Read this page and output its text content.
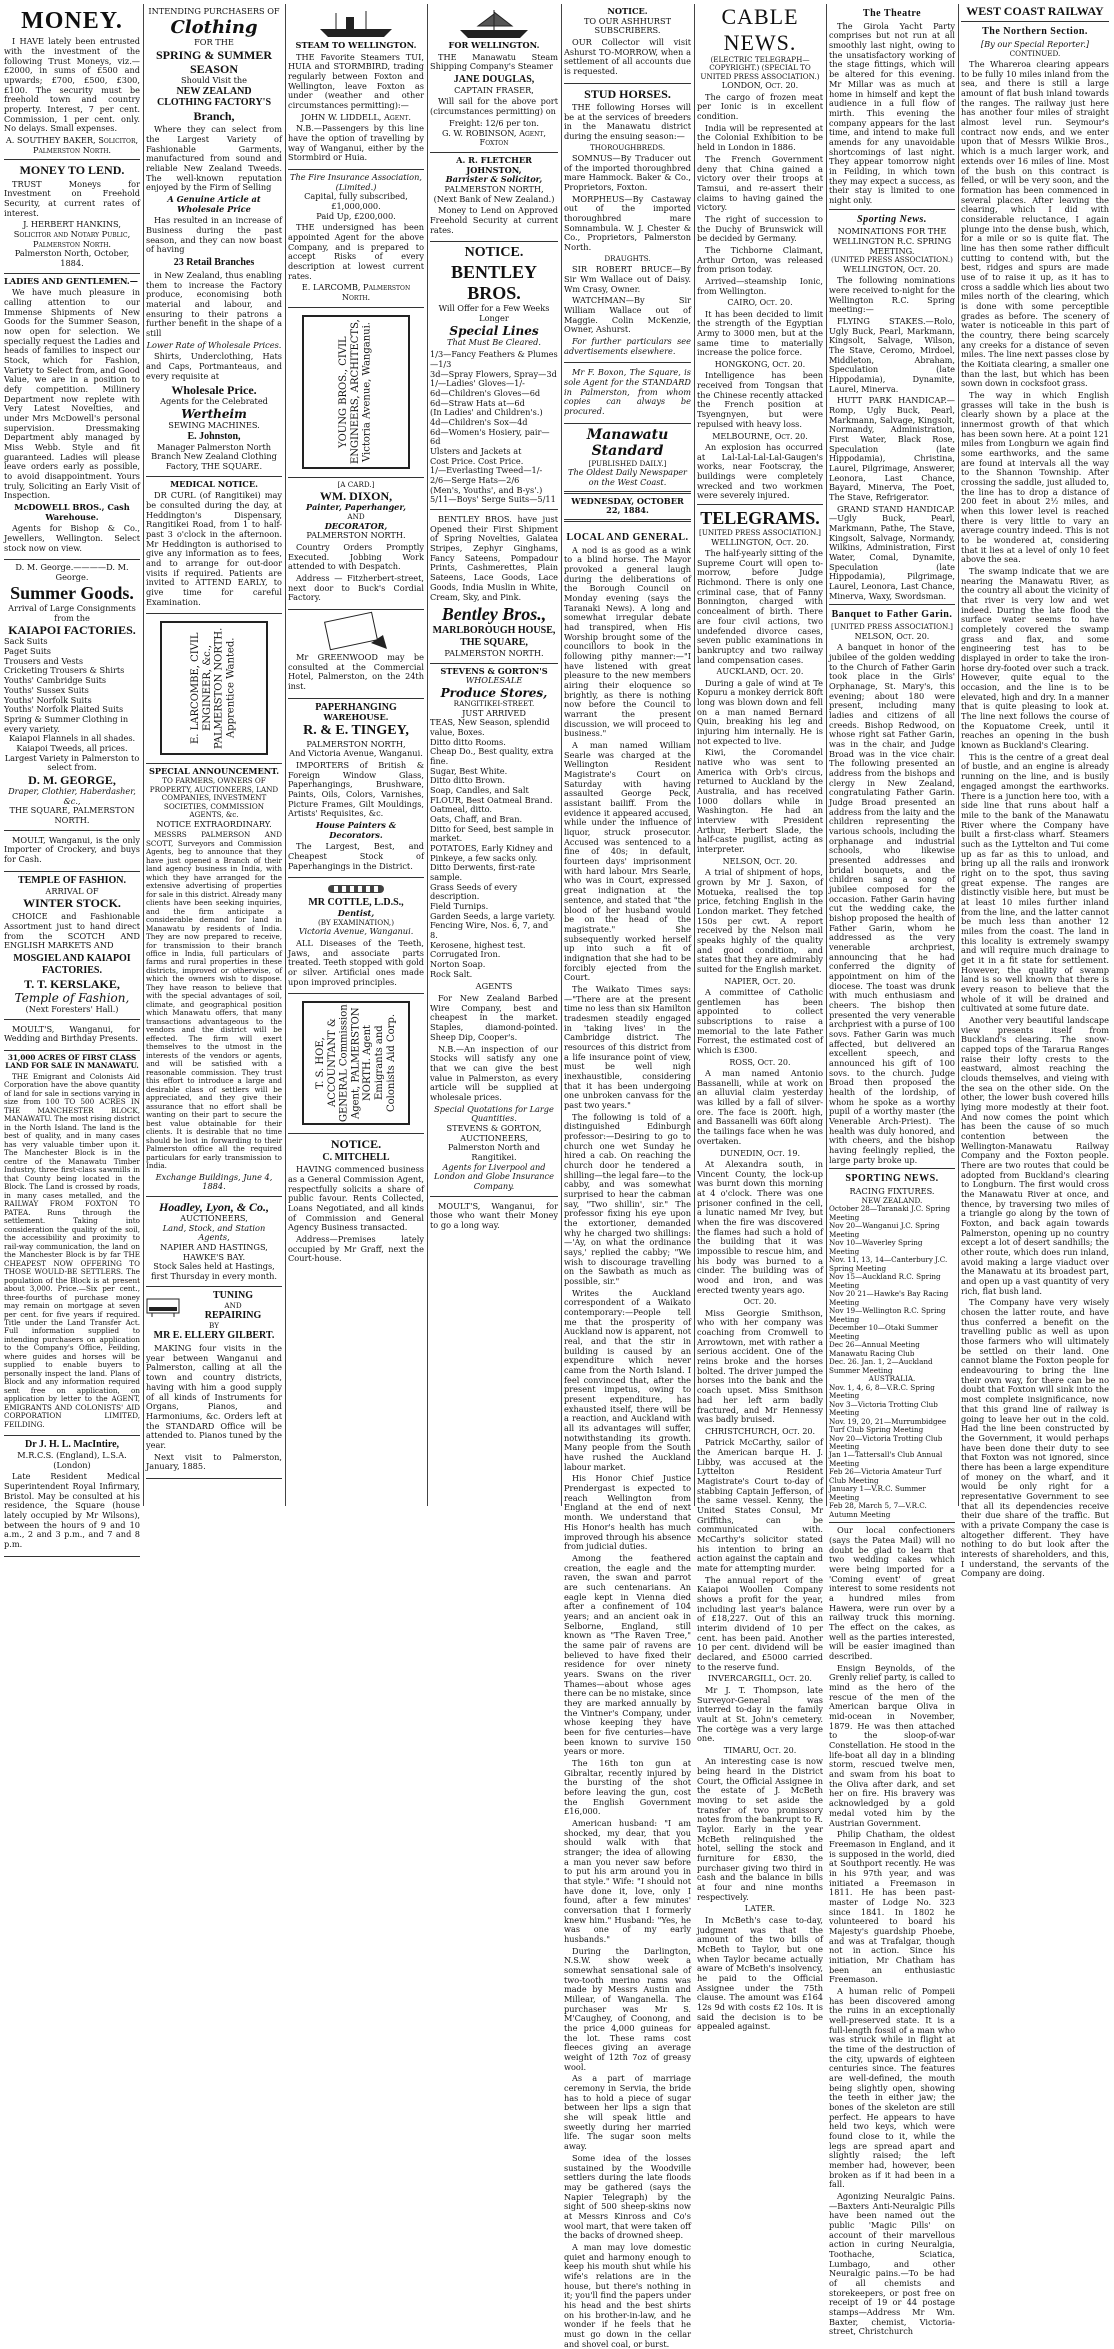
MONEY.
I HAVE lately been entrusted with the investment of the following Trust Moneys, viz.— £2000, in sums of £500 and upwards; £700, £500, £300, £100. The security must be freehold town and country property. Interest, 7 per cent. Commission, 1 per cent. only. No delays. Small expenses.
A. SOUTHEY BAKER, Solicitor, Palmerston North.
MONEY TO LEND.
TRUST Moneys for Investment on Freehold Security, at current rates of interest.
J. HERBERT HANKINS, Solicitor and Notary Public, Palmerston North.
Palmerston North, October, 1884.
LADIES AND GENTLEMEN.—
We have much pleasure in calling attention to our Immense Shipments of New Goods for the Summer Season, now open for selection. We specially request the Ladies and heads of families to inspect our Stock, which for Fashion, Variety to Select from, and Good Value, we are in a position to defy competition. Millinery Department now replete with Very Latest Novelties, and under Mrs McDowell's personal supervision. Dressmaking Department ably managed by Miss Webb. Style and fit guaranteed. Ladies will please leave orders early as possible, to avoid disappointment. Yours truly, Soliciting an Early Visit of Inspection.
McDOWELL BROS., Cash Warehouse.
Agents for Bishop & Co., Jewellers, Wellington. Select stock now on view.
D. M. George.————D. M. George.
Summer Goods.
Arrival of Large Consignments from the
KAIAPOI FACTORIES.
Sack Suits
Paget Suits
Trousers and Vests
Cricketing Trousers & Shirts
Youths' Cambridge Suits
Youths' Sussex Suits
Youths' Norfolk Suits
Youths' Norfolk Plaited Suits
Spring & Summer Clothing in every variety.
Kaiapoi Flannels in all shades. Kaiapoi Tweeds, all prices.
Largest Variety in Palmerston to select from.
D. M. GEORGE,
Draper, Clothier, Haberdasher, &c.,
THE SQUARE, PALMERSTON NORTH.
MOULT, Wanganui, is the only Importer of Crockery, and buys for Cash.
TEMPLE OF FASHION.
ARRIVAL OF
WINTER STOCK.
CHOICE and Fashionable Assortment just to hand direct from the SCOTCH AND ENGLISH MARKETS AND
MOSGIEL AND KAIAPOI FACTORIES.
T. T. KERSLAKE,
Temple of Fashion,
(Next Foresters' Hall.)
MOULT'S, Wanganui, for Wedding and Birthday Presents.
31,000 ACRES OF FIRST CLASS LAND FOR SALE IN MANAWATU.
THE Emigrant and Colonists Aid Corporation have the above quantity of land for sale in sections varying in size from 100 TO 500 ACRES IN THE MANCHESTER BLOCK, MANAWATU. The most rising district in the North Island. The land is the best of quality, and in many cases has very valuable timber upon it. The Manchester Block is in the centre of the Manawatu Timber Industry, three first-class sawmills in that County being located in the Block. The Land is crossed by roads, in many cases metalled, and the RAILWAY FROM FOXTON TO PATEA. Runs through the settlement. Taking into consideration the quality of the soil, the accessibility and proximity to rail-way communication, the land on the Manchester Block is by far THE CHEAPEST NOW OFFERING TO THOSE WOULD-BE SETTLERS. The population of the Block is at present about 3,000. Price.—Six per cent., three-fourths of purchase money may remain on mortgage at seven per cent. for five years if required. Title under the Land Transfer Act. Full information supplied to intending purchasers on application to the Company's Office, Feilding, where guides and horses will be supplied to enable buyers to personally inspect the land. Plans of Block and any information required sent free on application, on application by letter to the AGENT, EMIGRANTS AND COLONISTS' AID CORPORATION LIMITED, FEILDING.
Dr J. H. L. MacIntire,
M.R.C.S. (England), L.S.A. (London)
Late Resident Medical Superintendent Royal Infirmary, Bristol. May be consulted at his residence, the Square (house lately occupied by Mr Wilsons), between the hours of 9 and 10 a.m., 2 and 3 p.m., and 7 and 8 p.m.
INTENDING PURCHASERS OF
Clothing
FOR THE
SPRING & SUMMER
SEASON
Should Visit the
NEW ZEALAND
CLOTHING FACTORY'S
Branch,
Where they can select from the Largest Variety of Fashionable Garments, manufactured from sound and reliable New Zealand Tweeds. The well-known reputation enjoyed by the Firm of Selling
A Genuine Article at Wholesale Price
Has resulted in an increase of Business during the past season, and they can now boast of having
23 Retail Branches
in New Zealand, thus enabling them to increase the Factory produce, economising both material and labour, and ensuring to their patrons a further benefit in the shape of a still
Lower Rate of Wholesale Prices.
Shirts, Underclothing, Hats and Caps, Portmanteaus, and every requisite at
Wholesale Price.
Agents for the Celebrated
Wertheim
SEWING MACHINES.
E. Johnston,
Manager Palmerston North Branch New Zealand Clothing Factory, THE SQUARE.
MEDICAL NOTICE.
DR CURL (of Rangitikei) may be consulted during the day, at Heddington's Dispensary, Rangitikei Road, from 1 to half-past 3 o'clock in the afternoon. Mr Heddington is authorised to give any information as to fees, and to arrange for out-door visits if required. Patients are invited to ATTEND EARLY, to give time for careful Examination.
E. LARCOMBE, CIVIL ENGINEER, &c., PALMERSTON NORTH. Apprentice Wanted.
SPECIAL ANNOUNCEMENT.
TO FARMERS, OWNERS OF PROPERTY, AUCTIONEERS, LAND COMPANIES, INVESTMENT SOCIETIES, COMMISSION AGENTS, &c.
NOTICE EXTRAORDINARY.
MESSRS PALMERSON AND SCOTT, Surveyors and Commission Agents, beg to announce that they have just opened a Branch of their land agency business in India, with which they have arranged for the extensive advertising of properties for sale in this district. Already many clients have been seeking inquiries, and the firm anticipate a considerable demand for land in Manawatu by residents of India. They are now prepared to receive, for transmission to their branch office in India, full particulars of farms and rural properties in these districts, improved or otherwise, of which the owners wish to dispose. They have reason to believe that with the special advantages of soil, climate, and geographical position which Manawatu offers, that many transactions advantageous to the vendors and the district will be effected. The firm will exert themselves to the utmost in the interests of the vendors or agents, and will be satisfied with a reasonable commission. They trust this effort to introduce a large and desirable class of settlers will be appreciated, and they give their assurance that no effort shall be wanting on their part to secure the best value obtainable for their clients. It is desirable that no time should be lost in forwarding to their Palmerston office all the required particulars for early transmission to India.
Exchange Buildings, June 4, 1884.
Hoadley, Lyon, & Co.,
AUCTIONEERS,
Land, Stock, and Station Agents,
NAPIER AND HASTINGS, HAWKE'S BAY.
Stock Sales held at Hastings, first Thursday in every month.
TUNING
AND
REPAIRING
BY
MR E. ELLERY GILBERT.
MAKING four visits in the year between Wanganui and Palmerston, calling at all the town and country districts, having with him a good supply of all kinds of Instruments for Organs, Pianos, and Harmoniums, &c. Orders left at the STANDARD Office will be attended to. Pianos tuned by the year.
Next visit to Palmerston, January, 1885.
STEAM TO WELLINGTON.
THE Favorite Steamers TUI, HUIA and STORMBIRD, trading regularly between Foxton and Wellington, leave Foxton as under (weather and other circumstances permitting):—
JOHN W. LIDDELL, Agent.
N.B.—Passengers by this line have the option of travelling by way of Wanganui, either by the Stormbird or Huia.
The Fire Insurance Association, (Limited.)
Capital, fully subscribed, £1,000,000.
Paid Up, £200,000.
THE undersigned has been appointed Agent for the above Company, and is prepared to accept Risks of every description at lowest current rates.
E. LARCOMB, Palmerston North.
YOUNG BROS., CIVIL ENGINEERS, ARCHITECTS, Victoria Avenue, Wanganui.
[A CARD.]
WM. DIXON,
Painter, Paperhanger,
AND
DECORATOR,
PALMERSTON NORTH.
Country Orders Promptly Executed. Jobbing Work attended to with Despatch.
Address — Fitzherbert-street, next door to Buck's Cordial Factory.
Mr GREENWOOD may be consulted at the Commercial Hotel, Palmerston, on the 24th inst.
PAPERHANGING
WAREHOUSE.
R. & E. TINGEY,
PALMERSTON NORTH,
And Victoria Avenue, Wanganui.
IMPORTERS of British & Foreign Window Glass, Paperhangings, Brushware, Paints, Oils, Colors, Varnishes, Picture Frames, Gilt Mouldings, Artists' Requisites, &c.
House Painters & Decorators.
The Largest, Best, and Cheapest Stock of Paperhangings in the District.
MR COTTLE, L.D.S.,
Dentist,
(BY EXAMINATION,)
Victoria Avenue, Wanganui.
ALL Diseases of the Teeth, Jaws, and associate parts treated. Teeth stopped with gold or silver. Artificial ones made upon improved principles.
T. S. HOE, ACCOUNTANT & GENERAL Commission Agent, PALMERSTON NORTH. Agent Emigrants and Colonists Aid Corp.
NOTICE.
C. MITCHELL
HAVING commenced business as a General Commission Agent, respectfully solicits a share of public favour. Rents Collected, Loans Negotiated, and all kinds of Commission and General Agency Business transacted.
Address—Premises lately occupied by Mr Graff, next the Court-house.
FOR WELLINGTON.
THE Manawatu Steam Shipping Company's Steamer
JANE DOUGLAS,
CAPTAIN FRASER,
Will sail for the above port (circumstances permitting) on
Freight: 12/6 per ton.
G. W. ROBINSON, Agent, Foxton
A. R. FLETCHER JOHNSTON,
Barrister & Solicitor,
PALMERSTON NORTH,
(Next Bank of New Zealand.)
Money to Lend on Approved Freehold Security at current rates.
NOTICE.
BENTLEY BROS.
Will Offer for a Few Weeks Longer
Special Lines
That Must Be Cleared.
1/3—Fancy Feathers & Plumes—1/3
3d—Spray Flowers, Spray—3d
1/—Ladies' Gloves—1/-
6d—Children's Gloves—6d
6d—Straw Hats at—6d
(In Ladies' and Children's.)
4d—Children's Sox—4d
6d—Women's Hosiery, pair—6d
Ulsters and Jackets at
Cost Price. Cost Price.
1/—Everlasting Tweed—1/-
2/6—Serge Hats—2/6
(Men's, Youths', and B-ys'.)
5/11—Boys' Serge Suits—5/11
BENTLEY BROS. have just Opened their First Shipment of Spring Novelties, Galatea Stripes, Zephyr Ginghams, Fancy Sateens, Pompadour Prints, Cashmerettes, Plain Sateens, Lace Goods, Lace Goods, India Muslin in White, Cream, Sky, and Pink.
Bentley Bros.,
MARLBOROUGH HOUSE,
THE SQUARE,
PALMERSTON NORTH.
STEVENS & GORTON'S
WHOLESALE
Produce Stores,
RANGITIKEI-STREET.
JUST ARRIVED
TEAS, New Season, splendid value, Boxes.
Ditto ditto Rooms.
Cheap Do., Best quality, extra fine.
Sugar, Best White.
Ditto ditto Brown.
Soap, Candles, and Salt
FLOUR, Best Oatmeal Brand.
Oatmeal, ditto.
Oats, Chaff, and Bran.
Ditto for Seed, best sample in market.
POTATOES, Early Kidney and Pinkeye, a few sacks only.
Ditto Derwents, first-rate sample.
Grass Seeds of every description.
Field Turnips.
Garden Seeds, a large variety.
Fencing Wire, Nos. 6, 7, and 8.
Kerosene, highest test.
Corrugated Iron.
Norton Soap.
Rock Salt.
AGENTS
For New Zealand Barbed Wire Company, best and cheapest in the market. Staples, diamond-pointed. Sheep Dip, Cooper's.
N.B.—An inspection of our Stocks will satisfy any one that we can give the best value in Palmerston, as every article will be supplied at wholesale prices.
Special Quotations for Large Quantities.
STEVENS & GORTON, AUCTIONEERS,
Palmerston North and Rangitikei.
Agents for Liverpool and London and Globe Insurance Company.
MOULT'S, Wanganui, for those who want their Money to go a long way.
NOTICE.
TO OUR ASHHURST SUBSCRIBERS.
OUR Collector will visit Ashurst TO-MORROW, when a settlement of all accounts due is requested.
STUD HORSES.
THE following Horses will be at the services of breeders in the Manawatu district during the ensuing season:—
THOROUGHBREDS.
SOMNUS—By Traducer out of the imported thoroughbred mare Hammock. Baker & Co., Proprietors, Foxton.
MORPHEUS—By Castaway out of the imported thoroughbred mare Somnambula. W. J. Chester & Co., Proprietors, Palmerston North.
DRAUGHTS.
SIR ROBERT BRUCE—By Sir Wm Wallace out of Daisy. Wm Crasy, Owner.
WATCHMAN—By Sir William Wallace out of Maggie. Colin McKenzie, Owner, Ashurst.
For further particulars see advertisements elsewhere.
Mr F. Boxon, The Square, is sole Agent for the STANDARD in Palmerston, from whom copies can always be procured.
Manawatu Standard
[PUBLISHED DAILY.]
The Oldest Daily Newspaper on the West Coast.
WEDNESDAY, OCTOBER 22, 1884.
LOCAL AND GENERAL.
A nod is as good as a wink to a blind horse. The Mayor provoked a general laugh during the deliberations of the Borough Council on Monday evening (says the Taranaki News). A long and somewhat irregular debate had transpired, when His Worship brought some of the councillors to book in the following pithy manner:—"I have listened with great pleasure to the new members airing their eloquence so brightly, as there is nothing now before the Council to warrant the present discussion, we will proceed to business."
A man named William Searle was charged at the Wellington Resident Magistrate's Court on Saturday with having assaulted George Peck, assistant bailiff. From the evidence it appeared accused, while under the influence of liquor, struck prosecutor. Accused was sentenced to a fine of 40s; in default, fourteen days' imprisonment with hard labour. Mrs Searle, who was in Court, expressed great indignation at the sentence, and stated that "the blood of her husband would be on the head of the magistrate." She subsequently worked herself up into such a fit of indignation that she had to be forcibly ejected from the Court.
The Waikato Times says:—"There are at the present time no less than six Hamilton tradesmen steadily engaged in 'taking lives' in the Cambridge district. The resources of this district from a life insurance point of view, must be well nigh inexhaustible, considering that it has been undergoing one unbroken canvass for the past two years."
The following is told of a distinguished Edinburgh professor:—Desiring to go to church one wet Sunday he hired a cab. On reaching the church door he tendered a shilling—the legal fare—to the cabby, and was somewhat surprised to hear the cabman say, "Two shillin', sir." The professor fixing his eye upon the extortioner, demanded why he charged two shillings:—'Ay, on what the ordinance says,' replied the cabby; "We wish to discourage travelling on the Sawbath as much as possible, sir."
Writes the Auckland correspondent of a Waikato contemporary:—People tell me that the prosperity of Auckland now is apparent, not real, and that the stir in building is caused by an expenditure which never came from the North Island. I feel convinced that, after the present impetus, owing to present expenditure, has exhausted itself, there will be a reaction, and Auckland with all its advantages will suffer, notwithstanding its growth. Many people from the South have rushed the Auckland labour market.
His Honor Chief Justice Prendergast is expected to reach Wellington from England at the end of next month. We understand that His Honor's health has much improved through his absence from judicial duties.
Among the feathered creation, the eagle and the raven, the swan and parrot are such centenarians. An eagle kept in Vienna died after a confinement of 104 years; and an ancient oak in Selborne, England, still known as "The Raven Tree," the same pair of ravens are believed to have fixed their residence for over ninety years. Swans on the river Thames—about whose ages there can be no mistake, since they are marked annually by the Vintner's Company, under whose keeping they have been for five centuries—have been known to survive 150 years or more.
The 16th ton gun at Gibraltar, recently injured by the bursting of the shot before leaving the gun, cost the English Government £16,000.
American husband: "I am shocked, my dear, that you should walk with that stranger; the idea of allowing a man you never saw before to put his arm around you in that style." Wife: "I should not have done it, love, only I found, after a few minutes' conversation that I formerly knew him." Husband: "Yes, he was one of my early husbands."
During the Darlington, N.S.W. show week a somewhat sensational sale of two-tooth merino rams was made by Messrs Austin and Millear, of Wanganella. The purchaser was Mr S. M'Caughey, of Coonong, and the price 4,000 guineas for the lot. These rams cost fleeces giving an average weight of 12th 7oz of greasy wool.
As a part of marriage ceremony in Servia, the bride has to hold a piece of sugar between her lips a sign that she will speak little and sweetly during her married life. The sugar soon melts away.
Some idea of the losses sustained by the Woodville settlers during the late floods may be gathered (says the Napier Telegraph) by the sight of 500 sheep-skins now at Messrs Kinross and Co's wool mart, that were taken off the backs of drowned sheep.
A man may love domestic quiet and harmony enough to keep his mouth shut while his wife's relations are in the house, but there's nothing in it; you'll find the papers under his head and the best shirts on his brother-in-law, and he wonder if he feels that he must go down in the cellar and shovel coal, or burst.
CABLE NEWS.
(ELECTRIC TELEGRAPH—COPYRIGHT.) (SPECIAL TO UNITED PRESS ASSOCIATION.)
LONDON, Oct. 20.
The cargo of frozen meat per Ionic is in excellent condition.
India will be represented at the Colonial Exhibition to be held in London in 1886.
The French Government deny that China gained a victory over their troops at Tamsui, and re-assert their claims to having gained the victory.
The right of succession to the Duchy of Brunswick will be decided by Germany.
The Tichborne Claimant, Arthur Orton, was released from prison today.
Arrived—steamship Ionic, from Wellington.
CAIRO, Oct. 20.
It has been decided to limit the strength of the Egyptian Army to 3000 men, but at the same time to materially increase the police force.
HONGKONG, Oct. 20.
Intelligence has been received from Tongsan that the Chinese recently attacked the French position at Tsyengnyen, but were repulsed with heavy loss.
MELBOURNE, Oct. 20.
An explosion has occurred at Lal-Lal-Lal-Lal-Gaugen's works, near Footscray, the buildings were completely wrecked and two workmen were severely injured.
TELEGRAMS.
[UNITED PRESS ASSOCIATION.]
WELLINGTON, Oct. 20.
The half-yearly sitting of the Supreme Court will open to-morrow, before Judge Richmond. There is only one criminal case, that of Fanny Bonnington, charged with concealment of birth. There are four civil actions, two undefended divorce cases, seven public examinations in bankruptcy and two railway land compensation cases.
AUCKLAND, Oct. 20.
During a gale of wind at Te Kopuru a monkey derrick 80ft long was blown down and fell on a man named Bernard Quin, breaking his leg and injuring him internally. He is not expected to live.
Kiwi, the Coromandel native who was sent to America with Orb's circus, returned to Auckland by the Australia, and has received 1000 dollars while in Washington. He had an interview with President Arthur, Herbert Slade, the half-caste pugilist, acting as interpreter.
NELSON, Oct. 20.
A trial of shipment of hops, grown by Mr J. Saxon, of Motueka, realised the top price, fetching English in the London market. They fetched 150s per cwt. A report received by the Nelson mail speaks highly of the quality and good condition, and states that they are admirably suited for the English market.
NAPIER, Oct. 20.
A committee of Catholic gentlemen has been appointed to collect subscriptions to raise a memorial to the late Father Forrest, the estimated cost of which is £300.
ROSS, Oct. 20.
A man named Antonio Bassanelli, while at work on an alluvial claim yesterday was killed by a fall of silver-ore. The face is 200ft. high, and Bassanelli was 60ft along the tailings face when he was overtaken.
DUNEDIN, Oct. 19.
At Alexandra south, in Vincent County, the lock-up was burnt down this morning at 4 o'clock. There was one prisoner confined in the cell, a lunatic named Mr Ivey, but when the fire was discovered the flames had such a hold of the building that it was impossible to rescue him, and his body was burned to a cinder. The building was of wood and iron, and was erected twenty years ago.
Oct. 20.
Miss Georgie Smithson, who with her company was coaching from Cromwell to Arrowtown, met with rather a serious accident. One of the reins broke and the horses bolted. The driver jumped the horses into the bank and the coach upset. Miss Smithson had her left arm badly fractured, and Mr Hennessy was badly bruised.
CHRISTCHURCH, Oct. 20.
Patrick McCarthy, sailor of the American barque H. J. Libby, was accused at the Lyttelton Resident Magistrate's Court to-day of stabbing Captain Jefferson, of the same vessel. Kenny, the United States Consul, Mr Griffiths, can be communicated with. McCarthy's solicitor stated his intention to bring an action against the captain and mate for attempting murder.
The annual report of the Kaiapoi Woollen Company shows a profit for the year, including last year's balance of £18,227. Out of this an interim dividend of 10 per cent. has been paid. Another 10 per cent. dividend will be declared, and £5000 carried to the reserve fund.
INVERCARGILL, Oct. 20.
Mr J. T. Thompson, late Surveyor-General was interred to-day in the family vault at St. John's cemetery. The cortège was a very large one.
TIMARU, Oct. 20.
An interesting case is now being heard in the District Court, the Official Assignee in the estate of J. McBeth moving to set aside the transfer of two promissory notes from the bankrupt to R. Taylor. Early in the year McBeth relinquished the hotel, selling the stock and furniture for £830, the purchaser giving two third in cash and the balance in bills at four and nine months respectively.
LATER.
In McBeth's case to-day, judgment was that the amount of the two bills of McBeth to Taylor, but one when Taylor became actually aware of McBeth's insolvency, he paid to the Official Assignee under the 75th clause. The amount was £164 12s 9d with costs £2 10s. It is said the decision is to be appealed against.
The Theatre
The Girola Yacht Party comprises but not run at all smoothly last night, owing to the unsatisfactory working of the stage fittings, which will be altered for this evening. Mr Millar was as much at home in himself and kept the audience in a full flow of mirth. This evening the company appears for the last time, and intend to make full amends for any unavoidable shortcomings of last night. They appear tomorrow night in Feilding, in which town they may expect a success, as their stay is limited to one night only.
Sporting News.
NOMINATIONS FOR THE WELLINGTON R.C. SPRING MEETING.
(UNITED PRESS ASSOCIATION.)
WELLINGTON, Oct. 20.
The following nominations were received to-night for the Wellington R.C. Spring meeting:—
FLYING STAKES.—Rolo, Ugly Buck, Pearl, Markmann, Kingsolt, Salvage, Wilson, The Stave, Ceromo, Mirdoel, Middleton, Abraham, Speculation (late Hippodamia), Dynamite, Laurel, Minerva.
HUTT PARK HANDICAP.—Romp, Ugly Buck, Pearl, Markmann, Salvage, Kingsolt, Normandy, Administration, First Water, Black Rose, Speculation (late Hippodamia), Christina, Laurel, Pilgrimage, Answerer, Leonora, Last Chance, Bayard, Minerva, The Poet, The Stave, Refrigerator.
GRAND STAND HANDICAP.—Ugly Buck, Pearl, Markmann, Pathe, The Stave, Kingsolt, Salvage, Normandy, Wilkins, Administration, First Water, Comal, Dynamite, Speculation (late Hippodamia), Pilgrimage, Laurel, Leonora, Last Chance, Minerva, Waxy, Swordsman.
Banquet to Father Garin.
[UNITED PRESS ASSOCIATION.]
NELSON, Oct. 20.
A banquet in honor of the jubilee of the golden wedding to the Church of Father Garin took place in the Girls' Orphanage, St. Mary's, this evening; about 180 were present, including many ladies and citizens of all creeds. Bishop Redwood, on whose right sat Father Garin, was in the chair, and Judge Broad was in the vice chair. The following presented an address from the bishops and clergy in New Zealand, congratulating Father Garin. Judge Broad presented an address from the laity and the children representing the various schools, including the orphanage and industrial schools, who likewise presented addresses and bridal bouquets, and the children sang a song of jubilee composed for the occasion. Father Garin having cut the wedding cake, the bishop proposed the health of Father Garin, whom he addressed as the very venerable archpriest, announcing that he had conferred the dignity of appointment on him of the diocese. The toast was drunk with much enthusiasm and cheers. The bishop then presented the very venerable archpriest with a purse of 100 sovs. Father Garin was much affected, but delivered an excellent speech, and announced his gift of 100 sovs. to the church. Judge Broad then proposed the health of the lordship, of whom he spoke as a worthy pupil of a worthy master (the Venerable Arch-Priest). The health was duly honored, and with cheers, and the bishop having feelingly replied, the large party broke up.
SPORTING NEWS.
RACING FIXTURES.
NEW ZEALAND.
October 28—Taranaki J.C. Spring Meeting
Nov 20—Wanganui J.C. Spring Meeting
Nov 10—Waverley Spring Meeting
Nov. 11, 13, 14—Canterbury J.C. Spring Meeting
Nov 15—Auckland R.C. Spring Meeting
Nov 20 21—Hawke's Bay Racing Meeting
Nov 19—Wellington R.C. Spring Meeting
December 10—Otaki Summer Meeting
Dec 26—Annual Meeting Manawatu Racing Club
Dec. 26. Jan. 1, 2—Auckland Summer Meeting
AUSTRALIA.
Nov. 1, 4, 6, 8—V.R.C. Spring Meeting
Nov 3—Victoria Trotting Club Meeting
Nov. 19, 20, 21—Murrumbidgee Turf Club Spring Meeting
Nov 20—Victoria Trotting Club Meeting
Jan 1—Tattersall's Club Annual Meeting
Feb 26—Victoria Amateur Turf Club Meeting
January 1—V.R.C. Summer Meeting
Feb 28, March 5, 7—V.R.C. Autumn Meeting
Our local confectioners (says the Patea Mail) will no doubt be glad to learn that two wedding cakes which were being imported for a 'Coming event' of great interest to some residents not a hundred miles from Hawera, were run over by a railway truck this morning. The effect on the cakes, as well as the parties interested, will be easier imagined than described.
Ensign Beynolds, of the Grenly relief party, is called to mind as the hero of the rescue of the men of the American barque Oliva in mid-ocean in November, 1879. He was then attached to the sloop-of-war Constellation. He stood in the life-boat all day in a blinding storm, rescued twelve men, and swam from his boat to the Oliva after dark, and set her on fire. His bravery was acknowledged by a gold medal voted him by the Austrian Government.
Philip Chatham, the oldest Freemason in England, and it is supposed in the world, died at Southport recently. He was in his 97th year, and was initiated a Freemason in 1811. He has been past-master of Lodge No. 323 since 1841. In 1802 he volunteered to board his Majesty's guardship Phoebe, and was at Trafalgar, though not in action. Since his initiation, Mr Chatham has been an enthusiastic Freemason.
A human relic of Pompeii has been discovered among the ruins in an exceptionally well-preserved state. It is a full-length fossil of a man who was struck while in flight at the time of the destruction of the city, upwards of eighteen centuries since. The features are well-defined, the mouth being slightly open, showing the teeth in either jaw; the bones of the skeleton are still perfect. He appears to have held two keys, which were found close to it, while the legs are spread apart and slightly raised; the left member had, however, been broken as if it had been in a fall.
Agonizing Neuralgic Pains.—Baxters Anti-Neuralgic Pills have been named out the public 'Magic Pills' on account of their marvellous action in curing Neuralgia, Toothache, Sciatica, Lumbago, and other Neuralgic pains.—To be had of all chemists and storekeepers, or post free on receipt of 19 or 44 postage stamps—Address Mr Wm. Baxter, chemist, Victoria-street, Christchurch
WEST COAST RAILWAY
The Northern Section.
[By our Special Reporter.]
CONTINUED.
The Whareroa clearing appears to be fully 10 miles inland from the sea, and there is still a large amount of flat bush inland towards the ranges. The railway just here has another four miles of straight almost level run. Seymour's contract now ends, and we enter upon that of Messrs Wilkie Bros., which is a much larger work, and extends over 16 miles of line. Most of the bush on this contract is felled, or will be very soon, and the formation has been commenced in several places. After leaving the clearing, which I did with considerable reluctance, I again plunge into the dense bush, which, for a mile or so is quite flat. The line has then some rather difficult cutting to contend with, but the best, ridges and spurs are made use of to raise it up, as it has to cross a saddle which lies about two miles north of the clearing, which is done with some perceptible grades as before. The scenery of water is noticeable in this part of the country, there being scarcely any creeks for a distance of seven miles. The line next passes close by the Koitiata clearing, a smaller one than the last, but which has been sown down in cocksfoot grass.
The way in which English grasses will take in the bush is clearly shown by a place at the innermost growth of that which has been sown here. At a point 121 miles from Longburn we again find some earthworks, and the same are found at intervals all the way to the Shannon Township. After crossing the saddle, just alluded to, the line has to drop a distance of 200 feet in about 2½ miles, and when this lower level is reached there is very little to vary an average country indeed. This is not to be wondered at, considering that it lies at a level of only 10 feet above the sea.
The swamp indicate that we are nearing the Manawatu River, as the country all about the vicinity of that river is very low and wet indeed. During the late flood the surface water seems to have completely covered the swamp grass and flax, and some engineering test has to be displayed in order to take the iron-horse dry-footed over such a track. However, quite equal to the occasion, and the line is to be elevated, high and dry. In a manner that is quite pleasing to look at. The line next follows the course of the Kopuatome Creek, until it reaches an opening in the bush known as Buckland's Clearing.
This is the centre of a great deal of bustle, and an engine is already running on the line, and is busily engaged amongst the earthworks. There is a junction here too, with a side line that runs about half a mile to the bank of the Manawatu River where the Company have built a first-class wharf. Steamers such as the Lyttelton and Tui come up as far as this to unload, and bring up all the rails and ironwork right on to the spot, thus saving great expense. The ranges are distinctly visible here, but must be at least 10 miles further inland from the line, and the latter cannot be much less than another 12 miles from the coast. The land in this locality is extremely swampy and will require much drainage to get it in a fit state for settlement. However, the quality of swamp land is so well known that there is every reason to believe that the whole of it will be drained and cultivated at some future date.
Another very beautiful landscape view presents itself from Buckland's clearing. The snow-capped tops of the Tararua Ranges raise their lofty crests to the eastward, almost reaching the clouds themselves, and vieing with the sea on the other side. On the other, the lower bush covered hills lying more modestly at their foot. And now comes the point which has been the cause of so much contention between the Wellington-Manawatu Railway Company and the Foxton people. There are two routes that could be adopted from Buckland's clearing to Longburn. The first would cross the Manawatu River at once, and thence, by traversing two miles of a triangle go along by the town of Foxton, and back again towards Palmerston, opening up no country except a lot of desert sandhills; the other route, which does run inland, avoid making a large viaduct over the Manawatu at its broadest part, and open up a vast quantity of very rich, flat bush land.
The Company have very wisely chosen the latter route, and have thus conferred a benefit on the travelling public as well as upon those farmers who will ultimately be settled on their land. One cannot blame the Foxton people for endeavouring to bring the line their own way, for there can be no doubt that Foxton will sink into the most complete insignificance, now that this grand line of railway is going to leave her out in the cold. Had the line been constructed by the Government, it would perhaps have been done their duty to see that Foxton was not ignored, since there has been a large expenditure of money on the wharf, and it would be only right for a representative Government to see that all its dependencies receive their due share of the traffic. But with a private Company the case is altogether different. They have nothing to do but look after the interests of shareholders, and this, I understand, the servants of the Company are doing.
